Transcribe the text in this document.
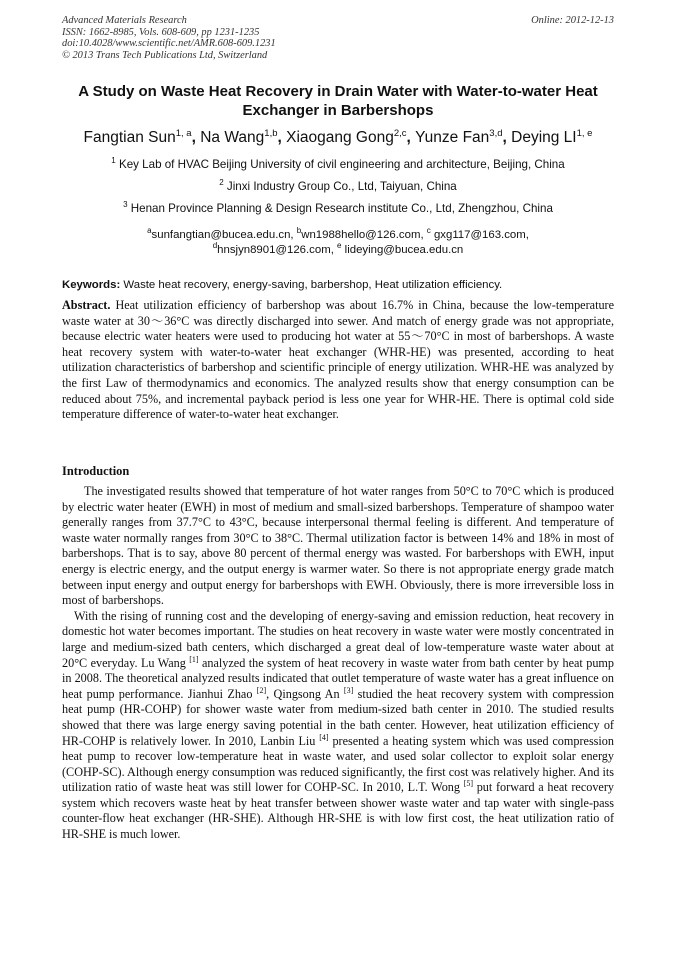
Advanced Materials Research
ISSN: 1662-8985, Vols. 608-609, pp 1231-1235
doi:10.4028/www.scientific.net/AMR.608-609.1231
© 2013 Trans Tech Publications Ltd, Switzerland
Online: 2012-12-13
A Study on Waste Heat Recovery in Drain Water with Water-to-water Heat Exchanger in Barbershops
Fangtian Sun$^{1, a}$, Na Wang$^{1,b}$, Xiaogang Gong$^{2,c}$, Yunze Fan$^{3,d}$, Deying LI$^{1, e}$
$^1$ Key Lab of HVAC Beijing University of civil engineering and architecture, Beijing, China
$^2$ Jinxi Industry Group Co., Ltd, Taiyuan, China
$^3$ Henan Province Planning & Design Research institute Co., Ltd, Zhengzhou, China
$^a$sunfangtian@bucea.edu.cn, $^b$wn1988hello@126.com, $^c$ gxg117@163.com,
$^d$hnsjyn8901@126.com, $^e$ lideying@bucea.edu.cn
Keywords: Waste heat recovery, energy-saving, barbershop, Heat utilization efficiency.
Abstract. Heat utilization efficiency of barbershop was about 16.7% in China, because the low-temperature waste water at 30～36°C was directly discharged into sewer. And match of energy grade was not appropriate, because electric water heaters were used to producing hot water at 55～70°C in most of barbershops. A waste heat recovery system with water-to-water heat exchanger (WHR-HE) was presented, according to heat utilization characteristics of barbershop and scientific principle of energy utilization. WHR-HE was analyzed by the first Law of thermodynamics and economics. The analyzed results show that energy consumption can be reduced about 75%, and incremental payback period is less one year for WHR-HE. There is optimal cold side temperature difference of water-to-water heat exchanger.
Introduction

The investigated results showed that temperature of hot water ranges from 50°C to 70°C which is produced by electric water heater (EWH) in most of medium and small-sized barbershops. Temperature of shampoo water generally ranges from 37.7°C to 43°C, because interpersonal thermal feeling is different. And temperature of waste water normally ranges from 30°C to 38°C. Thermal utilization factor is between 14% and 18% in most of barbershops. That is to say, above 80 percent of thermal energy was wasted. For barbershops with EWH, input energy is electric energy, and the output energy is warmer water. So there is not appropriate energy grade match between input energy and output energy for barbershops with EWH. Obviously, there is more irreversible loss in most of barbershops.

With the rising of running cost and the developing of energy-saving and emission reduction, heat recovery in domestic hot water becomes important. The studies on heat recovery in waste water were mostly concentrated in large and medium-sized bath centers, which discharged a great deal of low-temperature waste water about at 20°C everyday. Lu Wang [1] analyzed the system of heat recovery in waste water from bath center by heat pump in 2008. The theoretical analyzed results indicated that outlet temperature of waste water has a great influence on heat pump performance. Jianhui Zhao [2], Qingsong An [3] studied the heat recovery system with compression heat pump (HR-COHP) for shower waste water from medium-sized bath center in 2010. The studied results showed that there was large energy saving potential in the bath center. However, heat utilization efficiency of HR-COHP is relatively lower. In 2010, Lanbin Liu [4] presented a heating system which was used compression heat pump to recover low-temperature heat in waste water, and used solar collector to exploit solar energy (COHP-SC). Although energy consumption was reduced significantly, the first cost was relatively higher. And its utilization ratio of waste heat was still lower for COHP-SC. In 2010, L.T. Wong [5] put forward a heat recovery system which recovers waste heat by heat transfer between shower waste water and tap water with single-pass counter-flow heat exchanger (HR-SHE). Although HR-SHE is with low first cost, the heat utilization ratio of HR-SHE is much lower.
